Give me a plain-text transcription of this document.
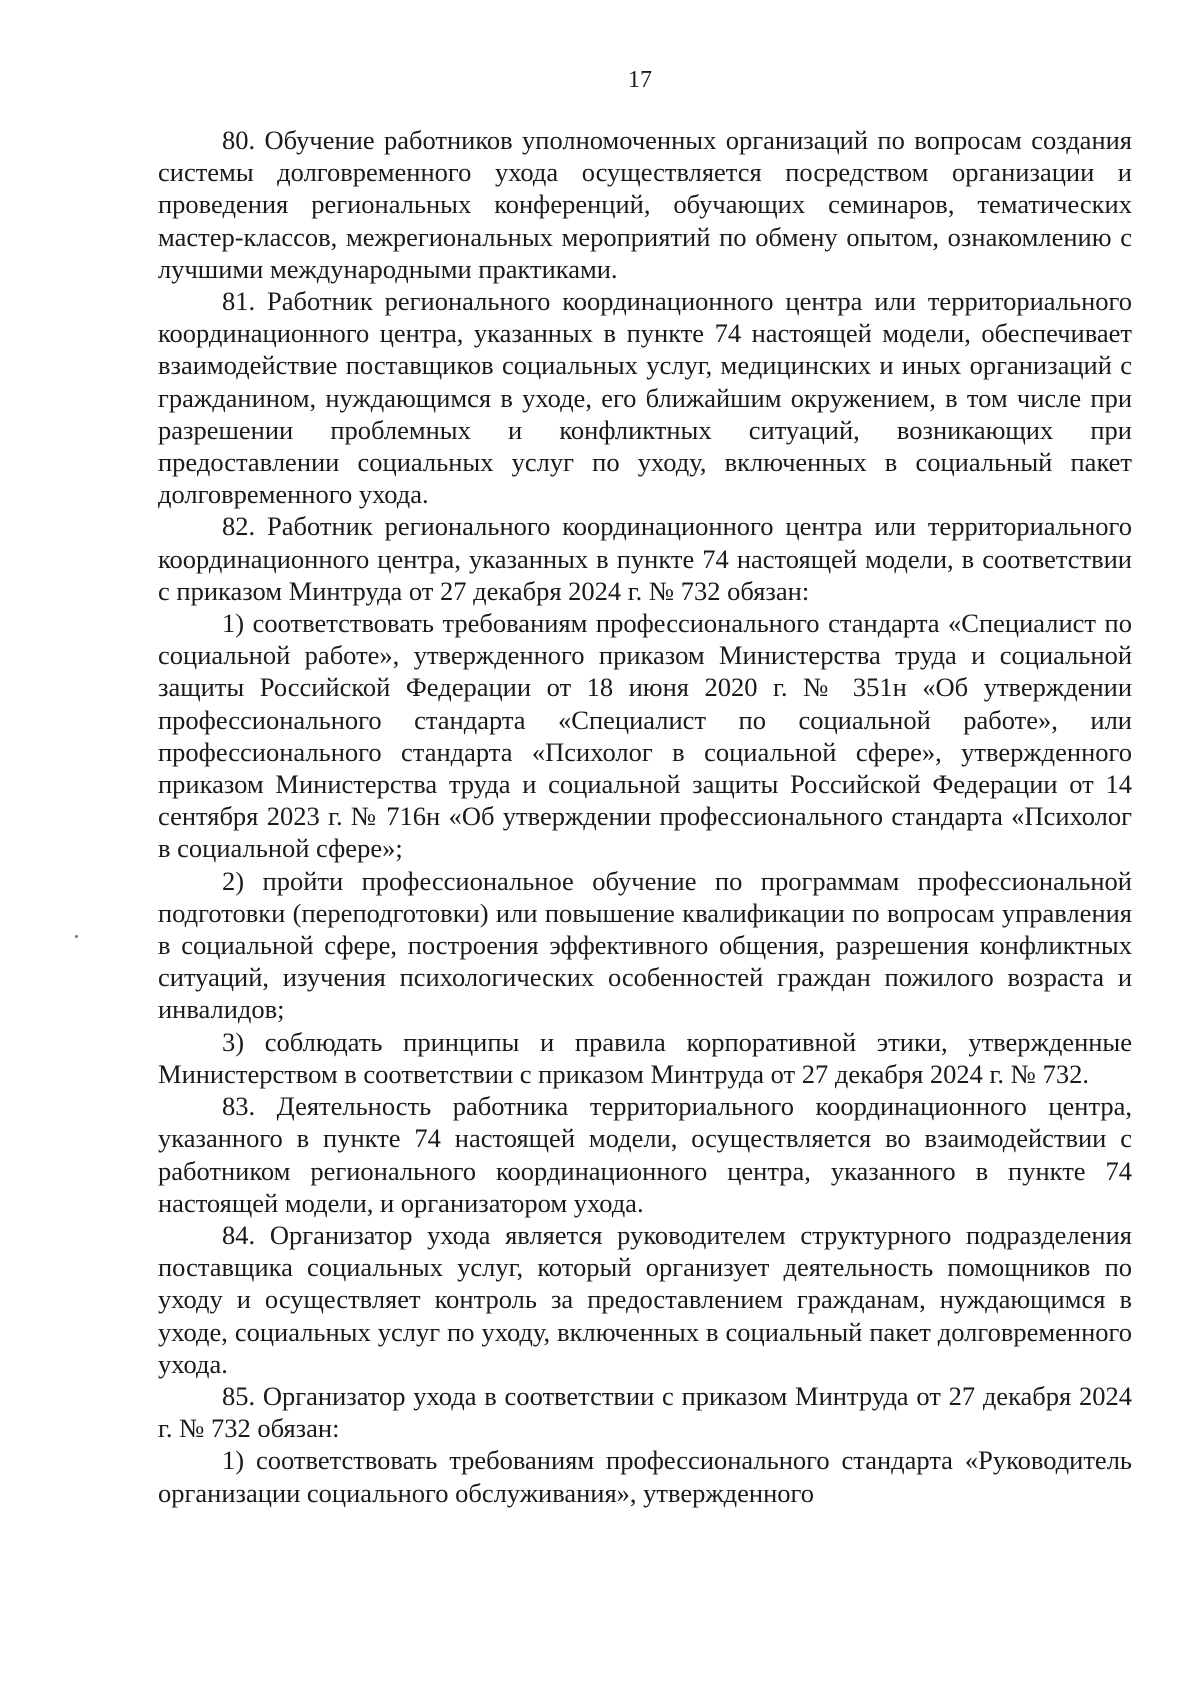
17

80. Обучение работников уполномоченных организаций по вопросам создания системы долговременного ухода осуществляется посредством организации и проведения региональных конференций, обучающих семинаров, тематических мастер-классов, межрегиональных мероприятий по обмену опытом, ознакомлению с лучшими международными практиками.

81. Работник регионального координационного центра или территориального координационного центра, указанных в пункте 74 настоящей модели, обеспечивает взаимодействие поставщиков социальных услуг, медицинских и иных организаций с гражданином, нуждающимся в уходе, его ближайшим окружением, в том числе при разрешении проблемных и конфликтных ситуаций, возникающих при предоставлении социальных услуг по уходу, включенных в социальный пакет долговременного ухода.

82. Работник регионального координационного центра или территориального координационного центра, указанных в пункте 74 настоящей модели, в соответствии с приказом Минтруда от 27 декабря 2024 г. № 732 обязан:

1) соответствовать требованиям профессионального стандарта «Специалист по социальной работе», утвержденного приказом Министерства труда и социальной защиты Российской Федерации от 18 июня 2020 г. № 351н «Об утверждении профессионального стандарта «Специалист по социальной работе», или профессионального стандарта «Психолог в социальной сфере», утвержденного приказом Министерства труда и социальной защиты Российской Федерации от 14 сентября 2023 г. № 716н «Об утверждении профессионального стандарта «Психолог в социальной сфере»;

2) пройти профессиональное обучение по программам профессиональной подготовки (переподготовки) или повышение квалификации по вопросам управления в социальной сфере, построения эффективного общения, разрешения конфликтных ситуаций, изучения психологических особенностей граждан пожилого возраста и инвалидов;

3) соблюдать принципы и правила корпоративной этики, утвержденные Министерством в соответствии с приказом Минтруда от 27 декабря 2024 г. № 732.

83. Деятельность работника территориального координационного центра, указанного в пункте 74 настоящей модели, осуществляется во взаимодействии с работником регионального координационного центра, указанного в пункте 74 настоящей модели, и организатором ухода.

84. Организатор ухода является руководителем структурного подразделения поставщика социальных услуг, который организует деятельность помощников по уходу и осуществляет контроль за предоставлением гражданам, нуждающимся в уходе, социальных услуг по уходу, включенных в социальный пакет долговременного ухода.

85. Организатор ухода в соответствии с приказом Минтруда от 27 декабря 2024 г. № 732 обязан:

1) соответствовать требованиям профессионального стандарта «Руководитель организации социального обслуживания», утвержденного
